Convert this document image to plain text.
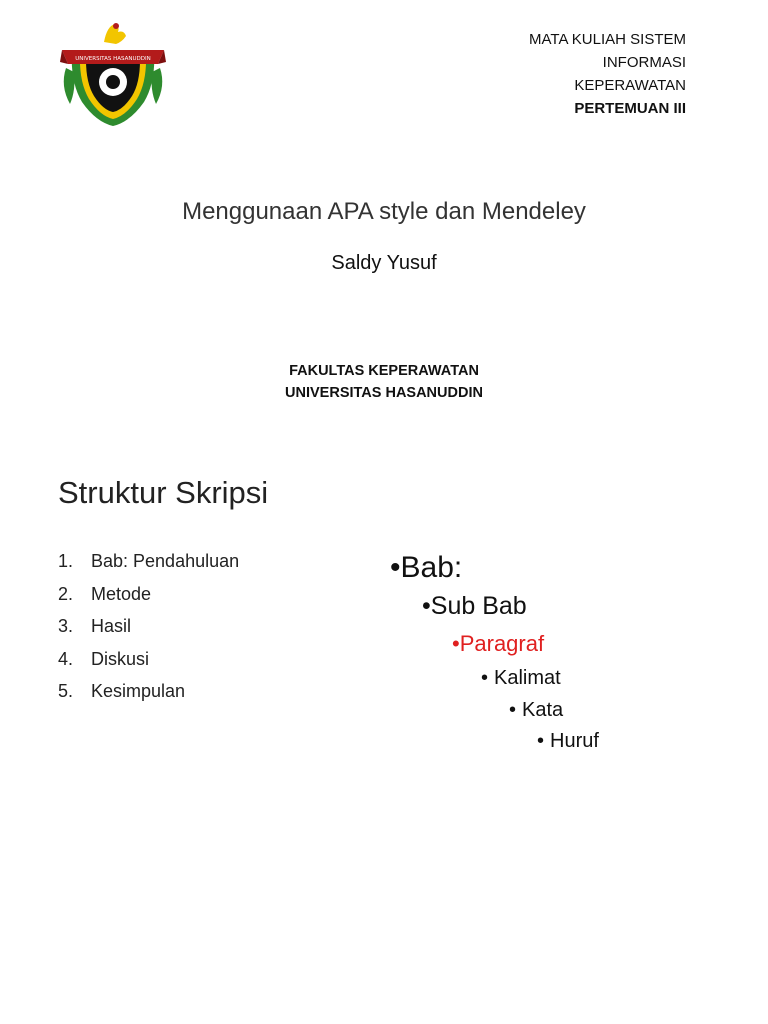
UNIVERSITAS HASANUDDIN
MATA KULIAH SISTEM
INFORMASI
KEPERAWATAN
PERTEMUAN III
Menggunaan APA style dan Mendeley
Saldy Yusuf
FAKULTAS KEPERAWATAN
UNIVERSITAS HASANUDDIN
Struktur Skripsi
1. Bab: Pendahuluan
2. Metode
3. Hasil
4. Diskusi
5. Kesimpulan
•Bab:
•Sub Bab
•Paragraf
• Kalimat
• Kata
• Huruf
